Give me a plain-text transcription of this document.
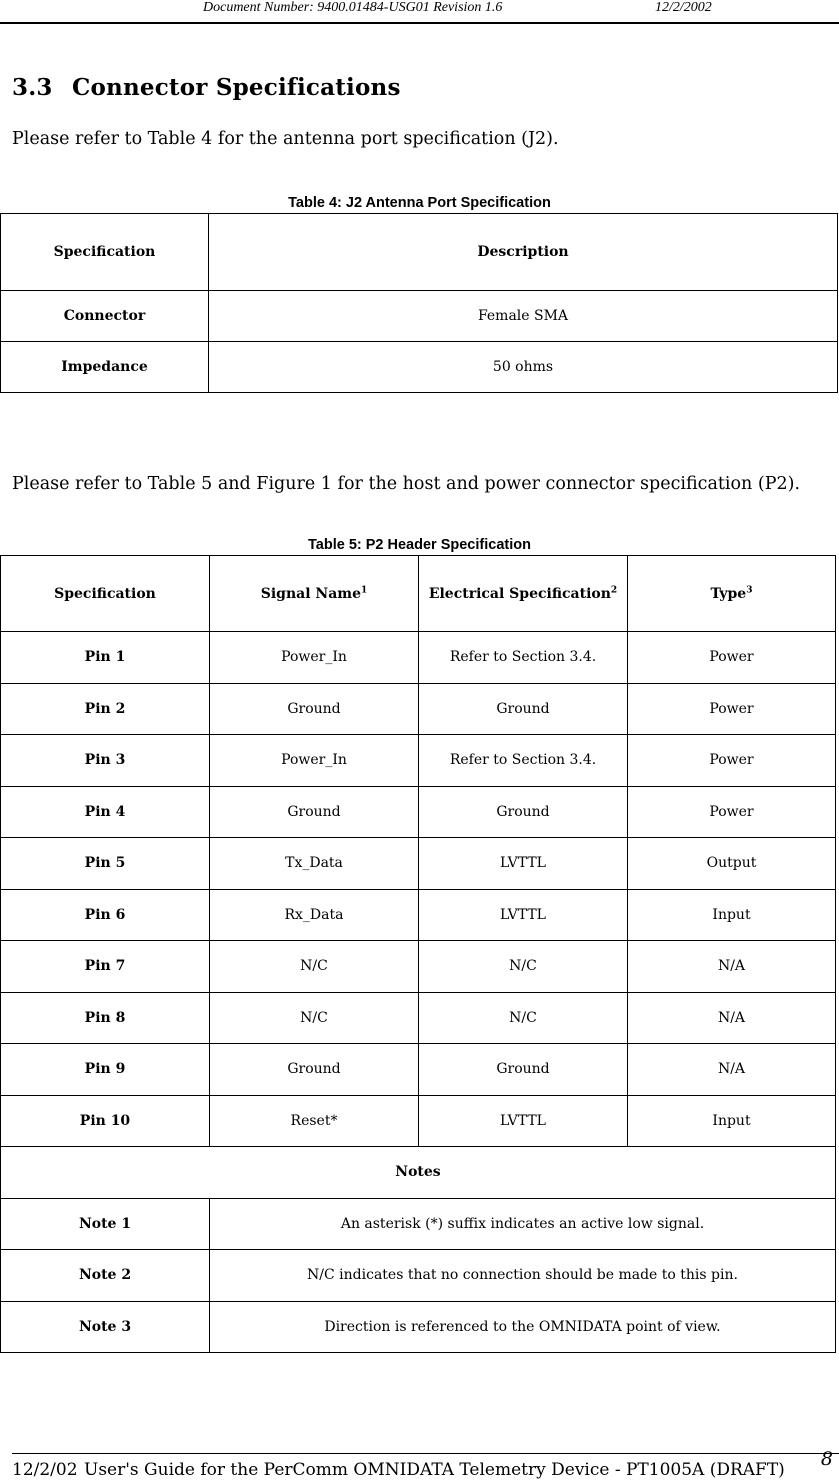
Document Number: 9400.01484-USG01 Revision 1.6	12/2/2002
3.3 Connector Specifications
Please refer to Table 4 for the antenna port specification (J2).
Table 4: J2 Antenna Port Specification
Specification	Description
Connector	Female SMA
Impedance	50 ohms
Please refer to Table 5 and Figure 1 for the host and power connector specification (P2).
Table 5: P2 Header Specification
Specification	Signal Name$^1$	Electrical Specification$^2$	Type$^3$
Pin 1	Power_In	Refer to Section 3.4.	Power
Pin 2	Ground	Ground	Power
Pin 3	Power_In	Refer to Section 3.4.	Power
Pin 4	Ground	Ground	Power
Pin 5	Tx_Data	LVTTL	Output
Pin 6	Rx_Data	LVTTL	Input
Pin 7	N/C	N/C	N/A
Pin 8	N/C	N/C	N/A
Pin 9	Ground	Ground	N/A
Pin 10	Reset*	LVTTL	Input
Notes			
Note 1	An asterisk (*) suffix indicates an active low signal.		
Note 2	N/C indicates that no connection should be made to this pin.		
Note 3	Direction is referenced to the OMNIDATA point of view.		
12/2/02 User's Guide for the PerComm OMNIDATA Telemetry Device - PT1005A (DRAFT) 8
